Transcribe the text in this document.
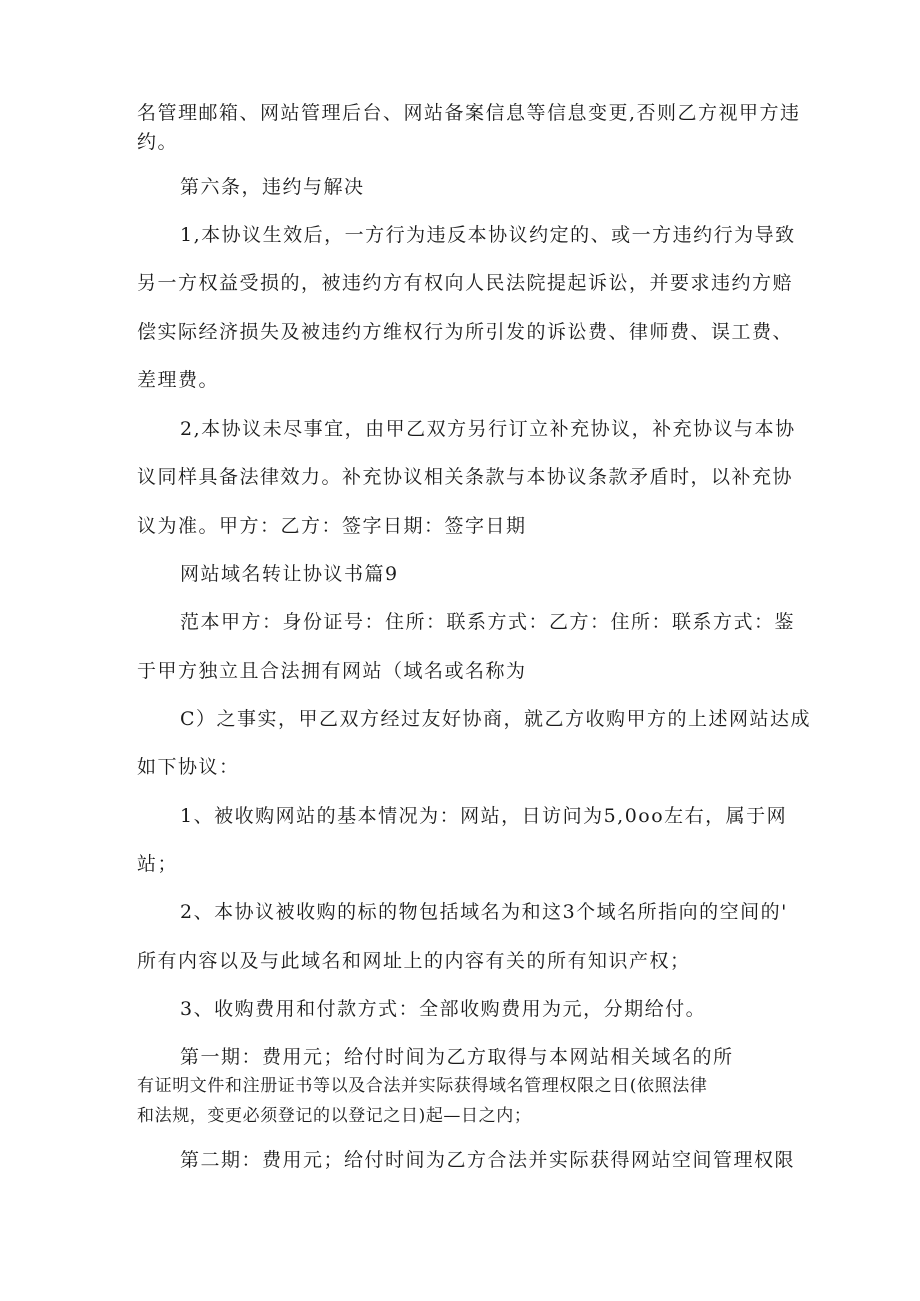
名管理邮箱、网站管理后台、网站备案信息等信息变更,否则乙方视甲方违
约。
第六条，违约与解决
1,本协议生效后，一方行为违反本协议约定的、或一方违约行为导致
另一方权益受损的，被违约方有权向人民法院提起诉讼，并要求违约方赔
偿实际经济损失及被违约方维权行为所引发的诉讼费、律师费、误工费、
差理费。
2,本协议未尽事宜，由甲乙双方另行订立补充协议，补充协议与本协
议同样具备法律效力。补充协议相关条款与本协议条款矛盾时，以补充协
议为准。甲方：乙方：签字日期：签字日期
网站域名转让协议书篇9
范本甲方：身份证号：住所：联系方式：乙方：住所：联系方式：鉴
于甲方独立且合法拥有网站（域名或名称为
C）之事实，甲乙双方经过友好协商，就乙方收购甲方的上述网站达成
如下协议：
1、被收购网站的基本情况为：网站，日访问为5,0oo左右，属于网
站；
2、本协议被收购的标的物包括域名为和这3个域名所指向的空间的'
所有内容以及与此域名和网址上的内容有关的所有知识产权；
3、收购费用和付款方式：全部收购费用为元，分期给付。
第一期：费用元；给付时间为乙方取得与本网站相关域名的所
有证明文件和注册证书等以及合法并实际获得域名管理权限之日(依照法律
和法规，变更必须登记的以登记之日)起—日之内；
第二期：费用元；给付时间为乙方合法并实际获得网站空间管理权限
